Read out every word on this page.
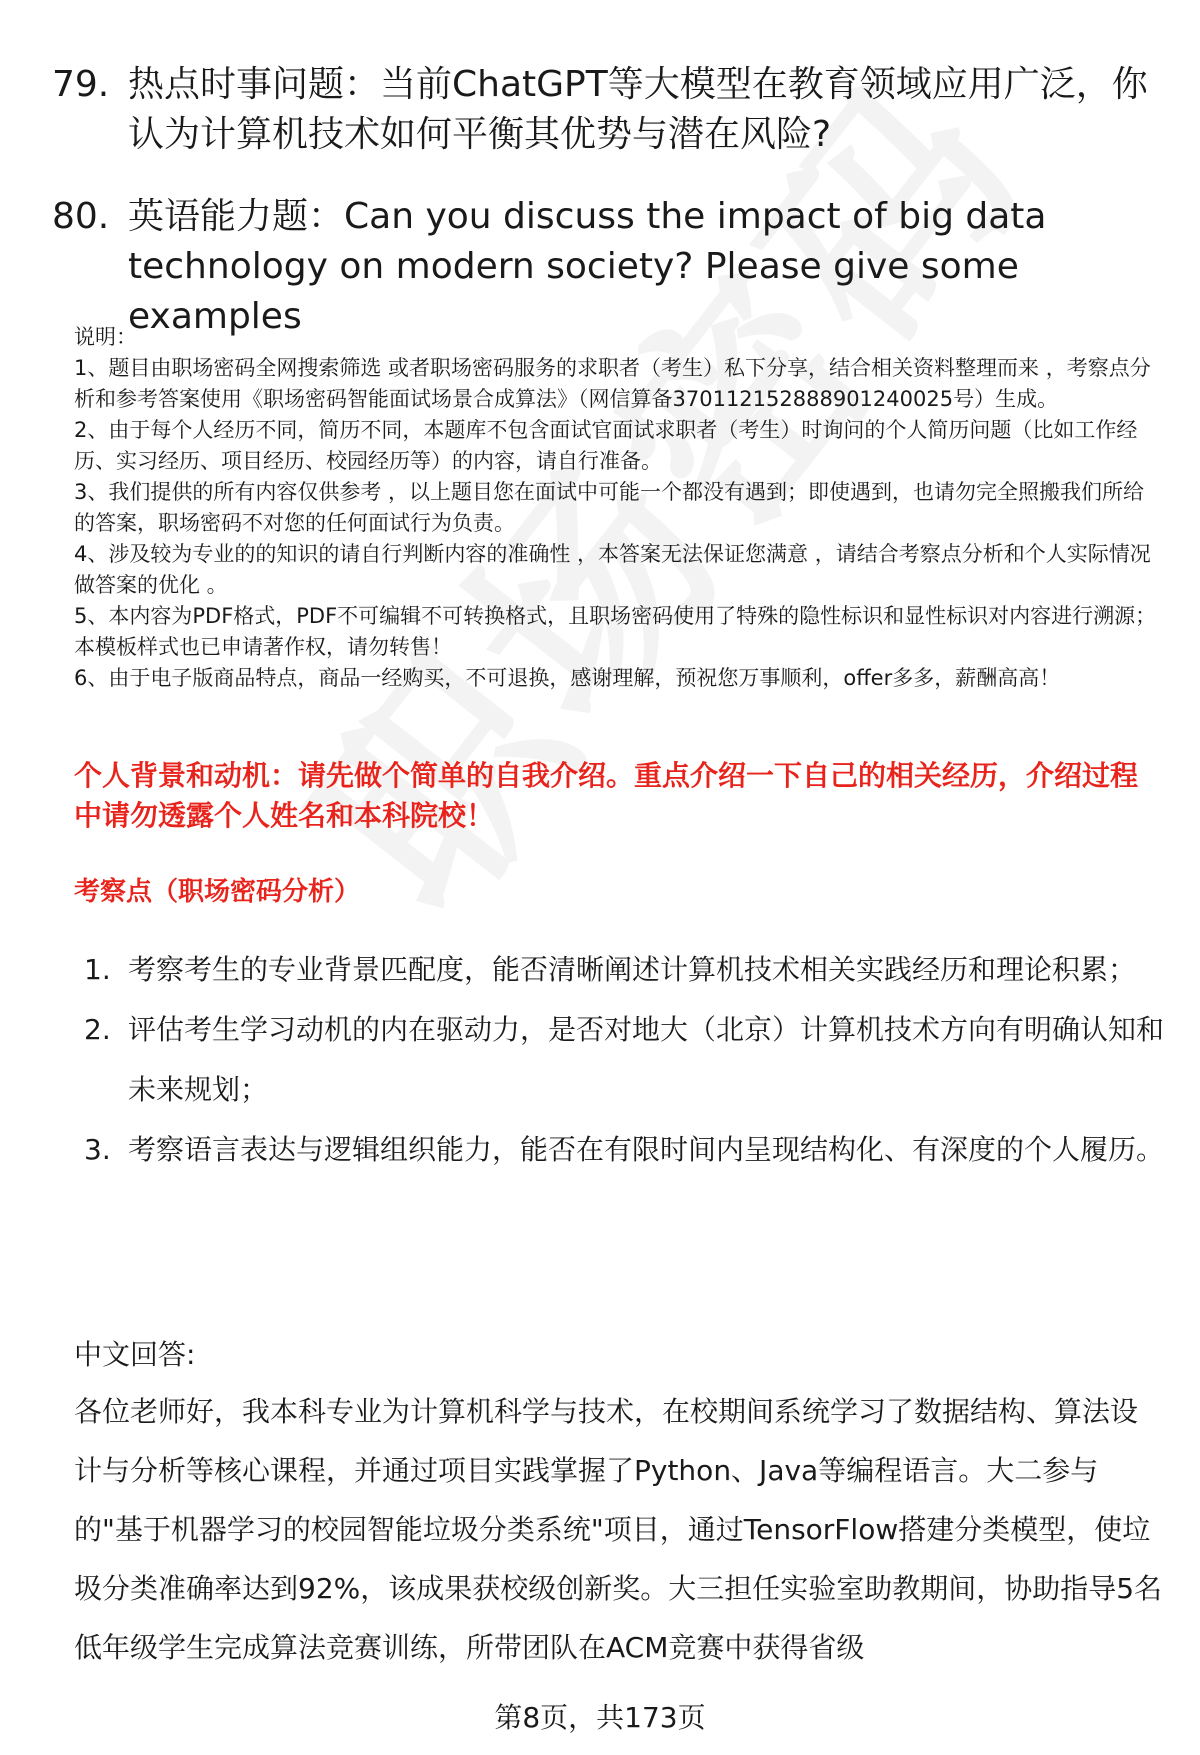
79. 热点时事问题：当前ChatGPT等大模型在教育领域应用广泛，你认为计算机技术如何平衡其优势与潜在风险?
80. 英语能力题：Can you discuss the impact of big data technology on modern society? Please give some examples

说明：

1、题目由职场密码全网搜索筛选 或者职场密码服务的求职者（考生）私下分享，结合相关资料整理而来 ，考察点分析和参考答案使用《职场密码智能面试场景合成算法》（网信算备370112152888901240025号）生成。

2、由于每个人经历不同，简历不同，本题库不包含面试官面试求职者（考生）时询问的个人简历问题（比如工作经历、实习经历、项目经历、校园经历等）的内容，请自行准备。

3、我们提供的所有内容仅供参考 ，以上题目您在面试中可能一个都没有遇到；即使遇到，也请勿完全照搬我们所给的答案，职场密码不对您的任何面试行为负责。

4、涉及较为专业的的知识的请自行判断内容的准确性 ，本答案无法保证您满意 ，请结合考察点分析和个人实际情况做答案的优化 。

5、本内容为PDF格式，PDF不可编辑不可转换格式，且职场密码使用了特殊的隐性标识和显性标识对内容进行溯源；本模板样式也已申请著作权，请勿转售！

6、由于电子版商品特点，商品一经购买，不可退换，感谢理解，预祝您万事顺利，offer多多，薪酬高高！

个人背景和动机：请先做个简单的自我介绍。重点介绍一下自己的相关经历，介绍过程中请勿透露个人姓名和本科院校！
考察点（职场密码分析）
1. 考察考生的专业背景匹配度，能否清晰阐述计算机技术相关实践经历和理论积累；
2. 评估考生学习动机的内在驱动力，是否对地大（北京）计算机技术方向有明确认知和未来规划；
3. 考察语言表达与逻辑组织能力，能否在有限时间内呈现结构化、有深度的个人履历。
中文回答:
各位老师好，我本科专业为计算机科学与技术，在校期间系统学习了数据结构、算法设计与分析等核心课程，并通过项目实践掌握了Python、Java等编程语言。大二参与的"基于机器学习的校园智能垃圾分类系统"项目，通过TensorFlow搭建分类模型，使垃圾分类准确率达到92%，该成果获校级创新奖。大三担任实验室助教期间，协助指导5名低年级学生完成算法竞赛训练，所带团队在ACM竞赛中获得省级
第8页，共173页
